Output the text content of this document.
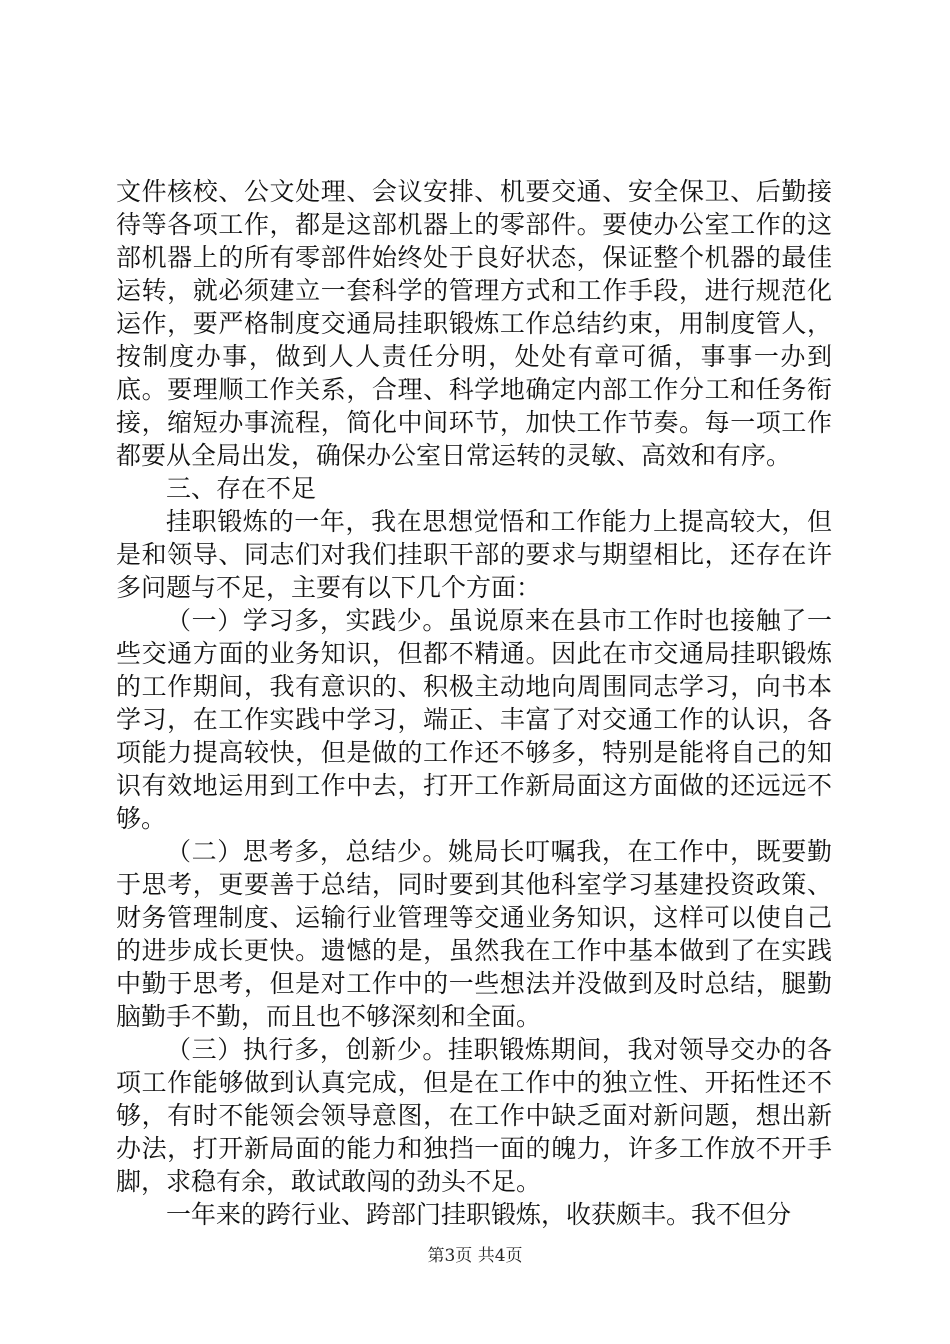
文件核校、公文处理、会议安排、机要交通、安全保卫、后勤接待等各项工作，都是这部机器上的零部件。要使办公室工作的这部机器上的所有零部件始终处于良好状态，保证整个机器的最佳运转，就必须建立一套科学的管理方式和工作手段，进行规范化运作，要严格制度交通局挂职锻炼工作总结约束，用制度管人，按制度办事，做到人人责任分明，处处有章可循，事事一办到底。要理顺工作关系，合理、科学地确定内部工作分工和任务衔接，缩短办事流程，简化中间环节，加快工作节奏。每一项工作都要从全局出发，确保办公室日常运转的灵敏、高效和有序。

三、存在不足

挂职锻炼的一年，我在思想觉悟和工作能力上提高较大，但是和领导、同志们对我们挂职干部的要求与期望相比，还存在许多问题与不足，主要有以下几个方面：

（一）学习多，实践少。虽说原来在县市工作时也接触了一些交通方面的业务知识，但都不精通。因此在市交通局挂职锻炼的工作期间，我有意识的、积极主动地向周围同志学习，向书本学习，在工作实践中学习，端正、丰富了对交通工作的认识，各项能力提高较快，但是做的工作还不够多，特别是能将自己的知识有效地运用到工作中去，打开工作新局面这方面做的还远远不够。

（二）思考多，总结少。姚局长叮嘱我，在工作中，既要勤于思考，更要善于总结，同时要到其他科室学习基建投资政策、财务管理制度、运输行业管理等交通业务知识，这样可以使自己的进步成长更快。遗憾的是，虽然我在工作中基本做到了在实践中勤于思考，但是对工作中的一些想法并没做到及时总结，腿勤脑勤手不勤，而且也不够深刻和全面。

（三）执行多，创新少。挂职锻炼期间，我对领导交办的各项工作能够做到认真完成，但是在工作中的独立性、开拓性还不够，有时不能领会领导意图，在工作中缺乏面对新问题，想出新办法，打开新局面的能力和独挡一面的魄力，许多工作放不开手脚，求稳有余，敢试敢闯的劲头不足。

一年来的跨行业、跨部门挂职锻炼，收获颇丰。我不但分

第3页 共4页
